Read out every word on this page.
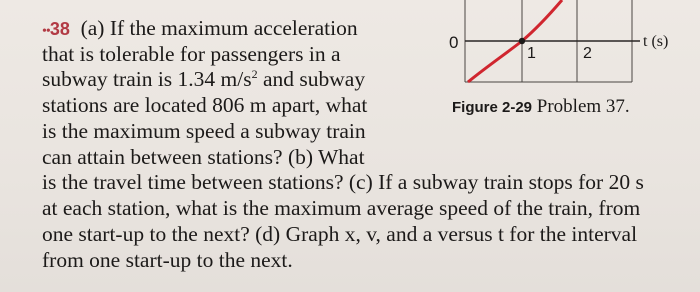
0
1	2
t (s)
Figure 2-29 Problem 37.
••38 (a) If the maximum acceleration
that is tolerable for passengers in a
subway train is 1.34 $m/s^2$ and subway
stations are located 806 m apart, what
is the maximum speed a subway train
can attain between stations? (b) What
is the travel time between stations? (c) If a subway train stops for 20 s
at each station, what is the maximum average speed of the train, from
one start-up to the next? (d) Graph x, v, and a versus t for the interval
from one start-up to the next.
